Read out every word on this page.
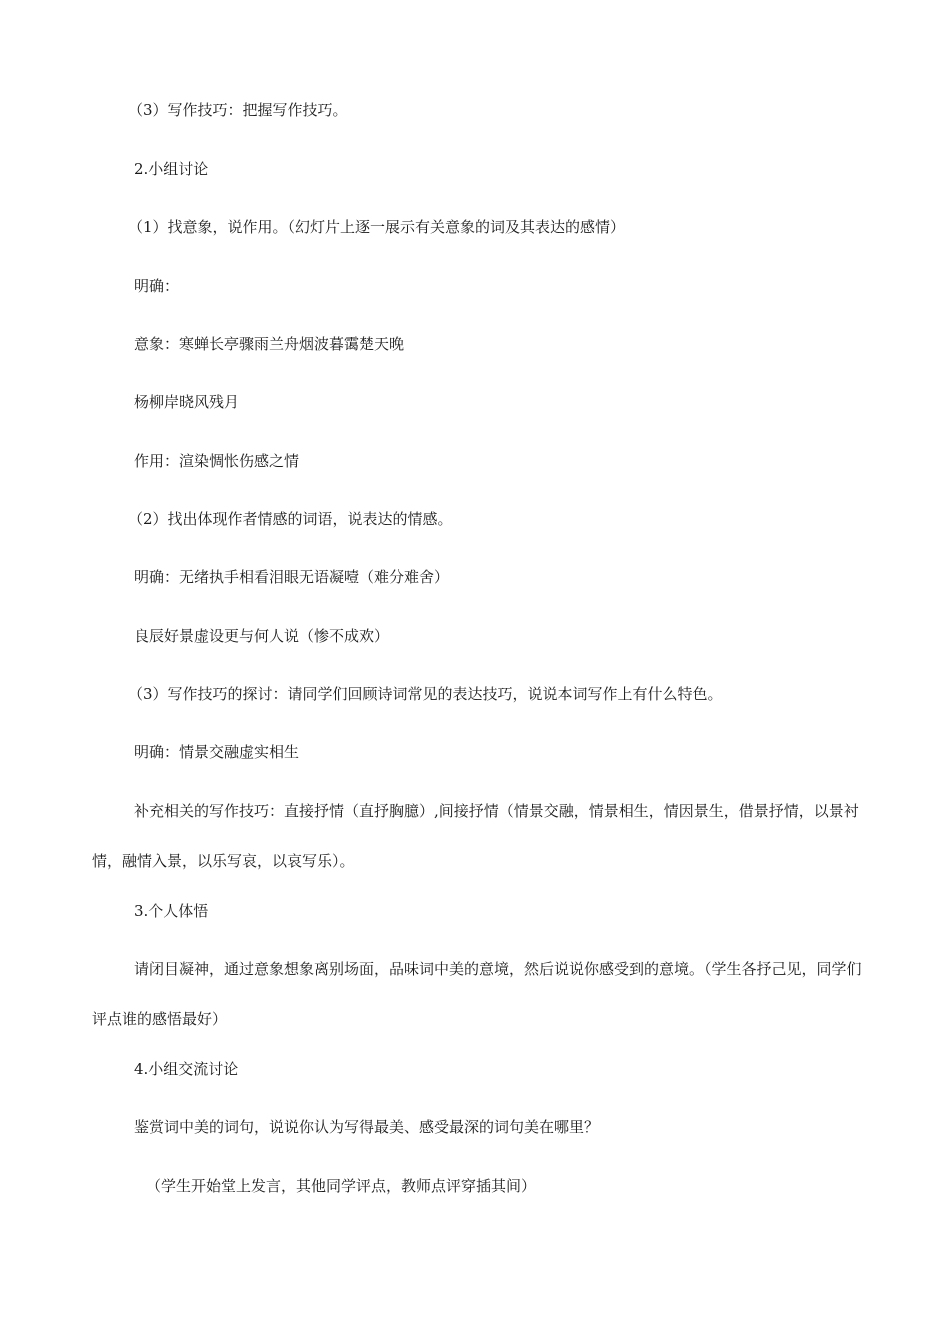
（3）写作技巧：把握写作技巧。
2.小组讨论
（1）找意象，说作用。（幻灯片上逐一展示有关意象的词及其表达的感情）
明确：
意象：寒蝉长亭骤雨兰舟烟波暮霭楚天晚
杨柳岸晓风残月
作用：渲染惆怅伤感之情
（2）找出体现作者情感的词语，说表达的情感。
明确：无绪执手相看泪眼无语凝噎（难分难舍）
良辰好景虚设更与何人说（惨不成欢）
（3）写作技巧的探讨：请同学们回顾诗词常见的表达技巧，说说本词写作上有什么特色。
明确：情景交融虚实相生
补充相关的写作技巧：直接抒情（直抒胸臆）,间接抒情（情景交融，情景相生，情因景生，借景抒情，以景衬情，融情入景，以乐写哀，以哀写乐）。
3.个人体悟
请闭目凝神，通过意象想象离别场面，品味词中美的意境，然后说说你感受到的意境。（学生各抒己见，同学们评点谁的感悟最好）
4.小组交流讨论
鉴赏词中美的词句，说说你认为写得最美、感受最深的词句美在哪里？
（学生开始堂上发言，其他同学评点，教师点评穿插其间）
